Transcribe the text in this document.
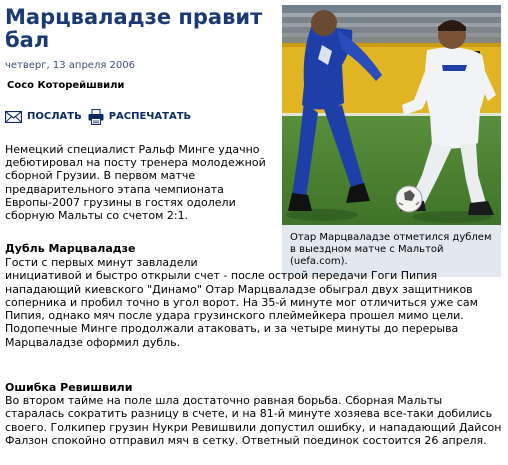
Марцваладзе правит бал
четверг, 13 апреля 2006
Сосо Которейшвили
ПОСЛАТЬ	РАСПЕЧАТАТЬ

Немецкий специалист Ральф Минге удачно дебютировал на посту тренера молодежной сборной Грузии. В первом матче предварительного этапа чемпионата Европы-2007 грузины в гостях одолели сборную Мальты со счетом 2:1.

Отар Марцваладзе отметился дублем в выездном матче с Мальтой (uefa.com).

Дубль Марцваладзе

Гости с первых минут завладели
инициативой и быстро открыли счет - после острой передачи Гоги Пипия
нападающий киевского "Динамо" Отар Марцваладзе обыграл двух защитников
соперника и пробил точно в угол ворот. На 35-й минуте мог отличиться уже сам
Пипия, однако мяч после удара грузинского плеймейкера прошел мимо цели.
Подопечные Минге продолжали атаковать, и за четыре минуты до перерыва
Марцваладзе оформил дубль.

Ошибка Ревишвили

Во втором тайме на поле шла достаточно равная борьба. Сборная Мальты старалась сократить разницу в счете, и на 81-й минуте хозяева все-таки добились своего. Голкипер грузин Нукри Ревишвили допустил ошибку, и нападающий Дайсон Фалзон спокойно отправил мяч в сетку. Ответный поединок состоится 26 апреля.
